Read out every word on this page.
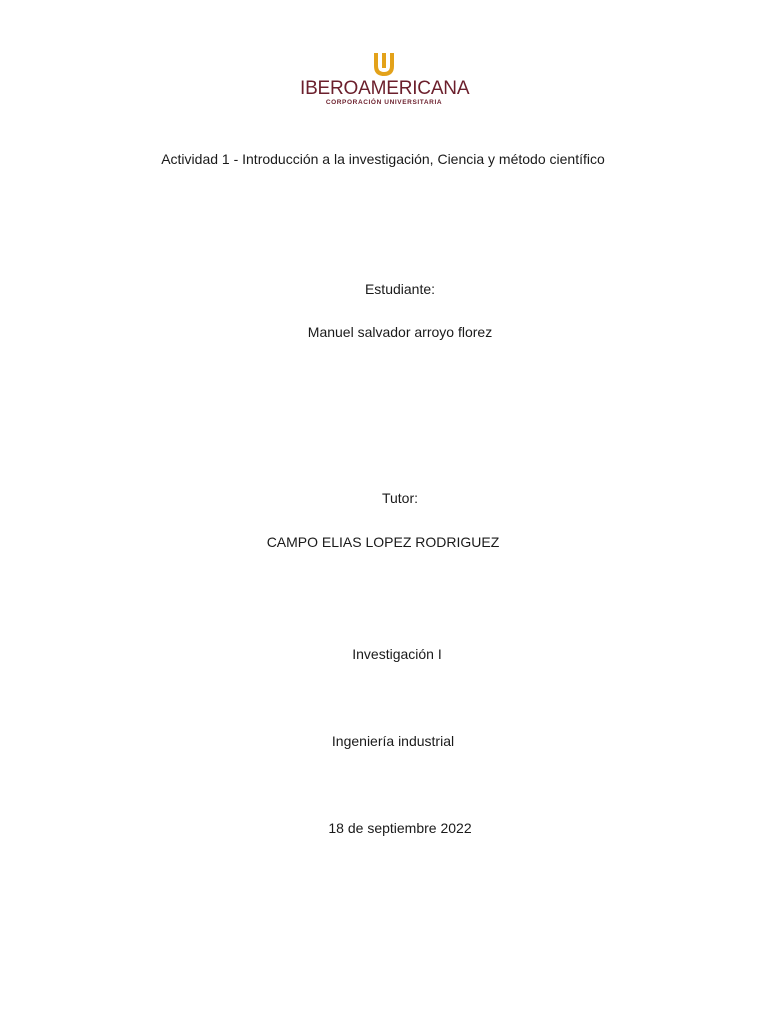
IBEROAMERICANA
CORPORACIÓN UNIVERSITARIA
Actividad 1 - Introducción a la investigación, Ciencia y método científico
Estudiante:
Manuel salvador arroyo florez
Tutor:
CAMPO ELIAS LOPEZ RODRIGUEZ
Investigación I
Ingeniería industrial
18 de septiembre 2022
